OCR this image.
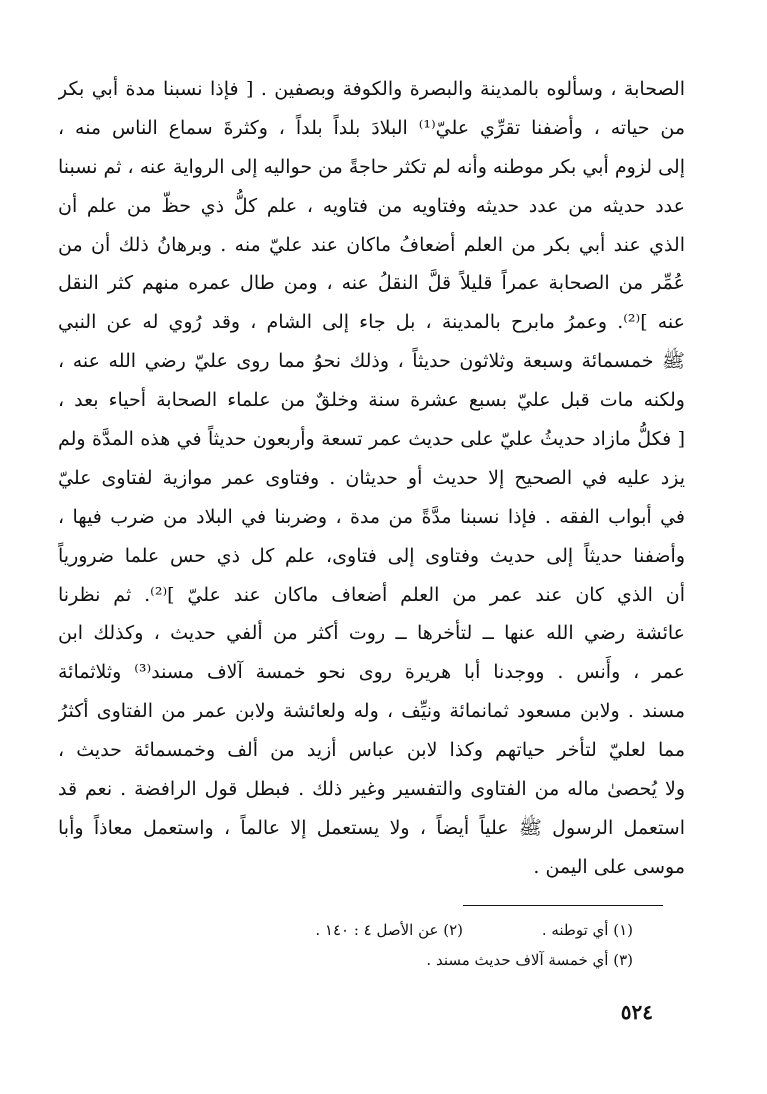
الصحابة ، وسألوه بالمدينة والبصرة والكوفة وبصفين . [ فإذا نسبنا مدة أبي بكر
من حياته ، وأضفنا تقرِّي عليّ⁽¹⁾ البلادَ بلداً بلداً ، وكثرةَ سماع الناس منه ،
إلى لزوم أبي بكر موطنه وأنه لم تكثر حاجةً من حواليه إلى الرواية عنه ، ثم نسبنا
عدد حديثه من عدد حديثه وفتاويه من فتاويه ، علم كلُّ ذي حظّ من علم أن
الذي عند أبي بكر من العلم أضعافُ ماكان عند عليّ منه . وبرهانُ ذلك أن من
عُمِّر من الصحابة عمراً قليلاً قلَّ النقلُ عنه ، ومن طال عمره منهم كثر النقل
عنه ]⁽²⁾. وعمرُ مابرح بالمدينة ، بل جاء إلى الشام ، وقد رُوي له عن النبي
ﷺ خمسمائة وسبعة وثلاثون حديثاً ، وذلك نحوُ مما روى عليّ رضي الله عنه ،
ولكنه مات قبل عليّ بسبع عشرة سنة وخلقٌ من علماء الصحابة أحياء بعد ،
[ فكلُّ مازاد حديثُ عليّ على حديث عمر تسعة وأربعون حديثاً في هذه المدَّة ولم
يزد عليه في الصحيح إلا حديث أو حديثان . وفتاوى عمر موازية لفتاوى عليّ
في أبواب الفقه . فإذا نسبنا مدَّةً من مدة ، وضربنا في البلاد من ضرب فيها ،
وأضفنا حديثاً إلى حديث وفتاوى إلى فتاوى، علم كل ذي حس علما ضرورياً
أن الذي كان عند عمر من العلم أضعاف ماكان عند عليّ ]⁽²⁾. ثم نظرنا
عائشة رضي الله عنها ــ لتأخرها ــ روت أكثر من ألفي حديث ، وكذلك ابن
عمر ، وأَنس . ووجدنا أبا هريرة روى نحو خمسة آلاف مسند⁽³⁾ وثلاثمائة
مسند . ولابن مسعود ثمانمائة ونيِّف ، وله ولعائشة ولابن عمر من الفتاوى أكثرُ
مما لعليّ لتأخر حياتهم وكذا لابن عباس أزيد من ألف وخمسمائة حديث ،
ولا يُحصىٰ ماله من الفتاوى والتفسير وغير ذلك . فبطل قول الرافضة . نعم قد
استعمل الرسول ﷺ علياً أيضاً ، ولا يستعمل إلا عالماً ، واستعمل معاذاً وأبا
موسى على اليمن .
(١) أي توطنه .
(٢) عن الأصل ٤ : ١٤٠ .
(٣) أي خمسة آلاف حديث مسند .
٥٢٤
